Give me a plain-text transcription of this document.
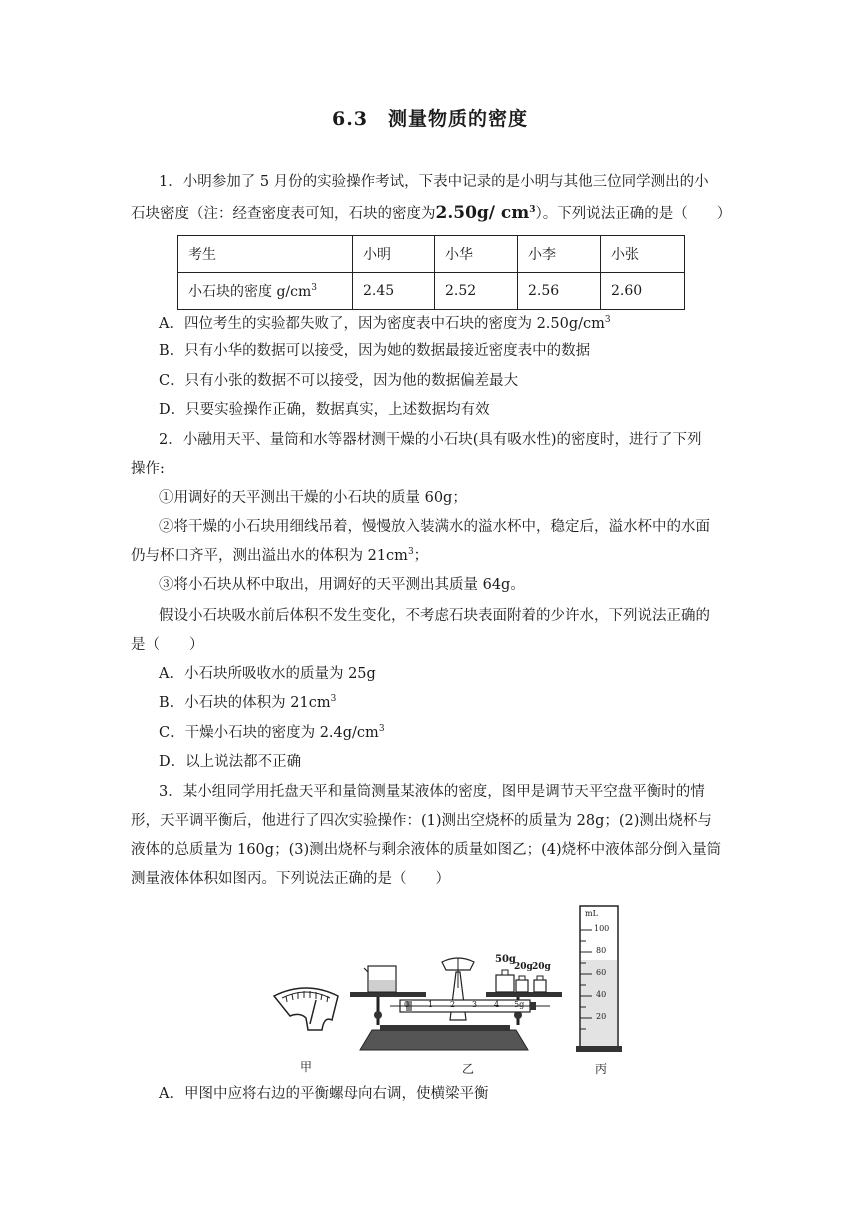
6.3　测量物质的密度
1．小明参加了 5 月份的实验操作考试，下表中记录的是小明与其他三位同学测出的小
石块密度（注：经查密度表可知，石块的密度为2.50g/ $cm^3$）。下列说法正确的是（　　）
考生	小明	小华	小李	小张
小石块的密度 $g/cm^3$	2.45	2.52	2.56	2.60
A．四位考生的实验都失败了，因为密度表中石块的密度为 $2.50g/cm^3$
B．只有小华的数据可以接受，因为她的数据最接近密度表中的数据
C．只有小张的数据不可以接受，因为他的数据偏差最大
D．只要实验操作正确，数据真实，上述数据均有效
2．小融用天平、量筒和水等器材测干燥的小石块(具有吸水性)的密度时，进行了下列
操作:
①用调好的天平测出干燥的小石块的质量 60g；
②将干燥的小石块用细线吊着，慢慢放入装满水的溢水杯中，稳定后，溢水杯中的水面
仍与杯口齐平，测出溢出水的体积为 $21cm^3$；
③将小石块从杯中取出，用调好的天平测出其质量 64g。
假设小石块吸水前后体积不发生变化，不考虑石块表面附着的少许水，下列说法正确的
是（　　）
A．小石块所吸收水的质量为 25g
B．小石块的体积为 $21cm^3$
C．干燥小石块的密度为 $2.4g/cm^3$
D．以上说法都不正确
3．某小组同学用托盘天平和量筒测量某液体的密度，图甲是调节天平空盘平衡时的情
形，天平调平衡后，他进行了四次实验操作：(1)测出空烧杯的质量为 28g；(2)测出烧杯与
液体的总质量为 160g；(3)测出烧杯与剩余液体的质量如图乙；(4)烧杯中液体部分倒入量筒
测量液体体积如图丙。下列说法正确的是（　　）
50g
20g 20g
0 1 2 3 4 5g
mL
100
80
60
40
20
甲	乙	丙
A．甲图中应将右边的平衡螺母向右调，使横梁平衡
